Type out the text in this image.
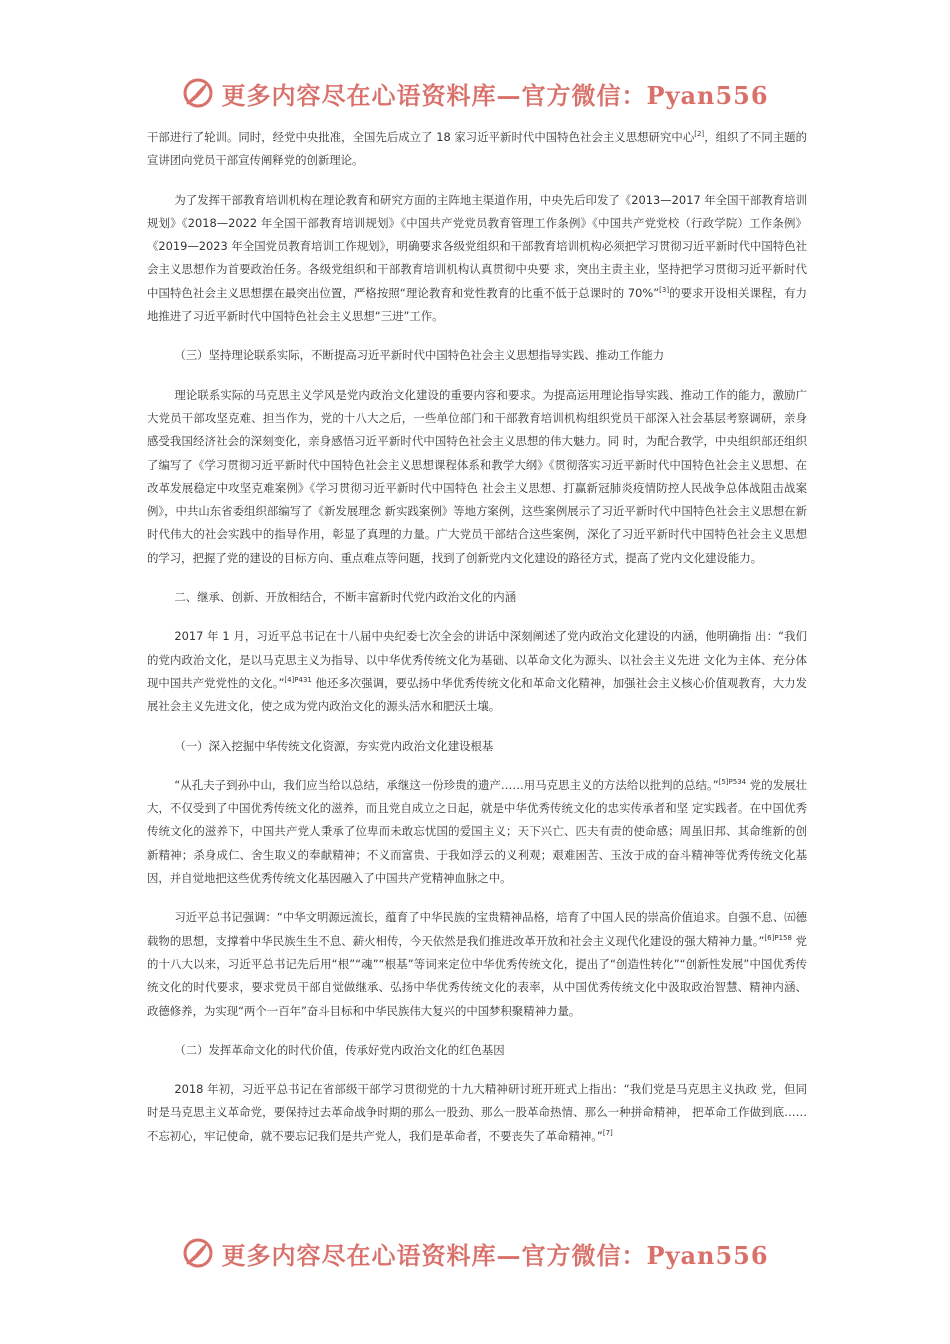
更多内容尽在心语资料库—官方微信：Pyan556

干部进行了轮训。同时，经党中央批准，全国先后成立了 18 家习近平新时代中国特色社会主义思想研究中心[2]，组织了不同主题的宣讲团向党员干部宣传阐释党的创新理论。

为了发挥干部教育培训机构在理论教育和研究方面的主阵地主渠道作用，中央先后印发了《2013—2017 年全国干部教育培训规划》《2018—2022 年全国干部教育培训规划》《中国共产党党员教育管理工作条例》《中国共产党党校（行政学院）工作条例》《2019—2023 年全国党员教育培训工作规划》，明确要求各级党组织和干部教育培训机构必须把学习贯彻习近平新时代中国特色社会主义思想作为首要政治任务。各级党组织和干部教育培训机构认真贯彻中央要 求，突出主责主业，坚持把学习贯彻习近平新时代中国特色社会主义思想摆在最突出位置，严格按照“理论教育和党性教育的比重不低于总课时的 70%”[3]的要求开设相关课程，有力地推进了习近平新时代中国特色社会主义思想“三进”工作。

（三）坚持理论联系实际，不断提高习近平新时代中国特色社会主义思想指导实践、推动工作能力

理论联系实际的马克思主义学风是党内政治文化建设的重要内容和要求。为提高运用理论指导实践、推动工作的能力，激励广大党员干部攻坚克难、担当作为，党的十八大之后，一些单位部门和干部教育培训机构组织党员干部深入社会基层考察调研，亲身感受我国经济社会的深刻变化，亲身感悟习近平新时代中国特色社会主义思想的伟大魅力。同 时，为配合教学，中央组织部还组织了编写了《学习贯彻习近平新时代中国特色社会主义思想课程体系和教学大纲》《贯彻落实习近平新时代中国特色社会主义思想、在改革发展稳定中攻坚克难案例》《学习贯彻习近平新时代中国特色 社会主义思想、打赢新冠肺炎疫情防控人民战争总体战阻击战案例》，中共山东省委组织部编写了《新发展理念 新实践案例》等地方案例，这些案例展示了习近平新时代中国特色社会主义思想在新时代伟大的社会实践中的指导作用，彰显了真理的力量。广大党员干部结合这些案例，深化了习近平新时代中国特色社会主义思想的学习，把握了党的建设的目标方向、重点难点等问题，找到了创新党内文化建设的路径方式，提高了党内文化建设能力。

二、继承、创新、开放相结合，不断丰富新时代党内政治文化的内涵

2017 年 1 月，习近平总书记在十八届中央纪委七次全会的讲话中深刻阐述了党内政治文化建设的内涵，他明确指 出：“我们的党内政治文化，是以马克思主义为指导、以中华优秀传统文化为基础、以革命文化为源头、以社会主义先进 文化为主体、充分体现中国共产党党性的文化。”$^{[4]P431}$ 他还多次强调，要弘扬中华优秀传统文化和革命文化精神，加强社会主义核心价值观教育，大力发展社会主义先进文化，使之成为党内政治文化的源头活水和肥沃土壤。

（一）深入挖掘中华传统文化资源，夯实党内政治文化建设根基

“从孔夫子到孙中山，我们应当给以总结，承继这一份珍贵的遗产……用马克思主义的方法给以批判的总结。”$^{[5]P534}$ 党的发展壮大，不仅受到了中国优秀传统文化的滋养，而且党自成立之日起，就是中华优秀传统文化的忠实传承者和坚 定实践者。在中国优秀传统文化的滋养下，中国共产党人秉承了位卑而未敢忘忧国的爱国主义；天下兴亡、匹夫有责的使命感；周虽旧邦、其命维新的创新精神；杀身成仁、舍生取义的奉献精神；不义而富贵、于我如浮云的义利观；艰难困苦、玉汝于成的奋斗精神等优秀传统文化基因，并自觉地把这些优秀传统文化基因融入了中国共产党精神血脉之中。

习近平总书记强调：“中华文明源远流长，蕴育了中华民族的宝贵精神品格，培育了中国人民的崇高价值追求。自强不息、㈤德载物的思想，支撑着中华民族生生不息、薪火相传，今天依然是我们推进改革开放和社会主义现代化建设的强大精神力量。”$^{[6]P158}$ 党的十八大以来，习近平总书记先后用“根”“魂”“根基”等词来定位中华优秀传统文化，提出了“创造性转化”“创新性发展”中国优秀传统文化的时代要求，要求党员干部自觉做继承、弘扬中华优秀传统文化的表率，从中国优秀传统文化中汲取政治智慧、精神内涵、政德修养，为实现“两个一百年”奋斗目标和中华民族伟大复兴的中国梦积聚精神力量。

（二）发挥革命文化的时代价值，传承好党内政治文化的红色基因

2018 年初，习近平总书记在省部级干部学习贯彻党的十九大精神研讨班开班式上指出：“我们党是马克思主义执政 党，但同时是马克思主义革命党，要保持过去革命战争时期的那么一股劲、那么一股革命热情、那么一种拼命精神， 把革命工作做到底……不忘初心，牢记使命，就不要忘记我们是共产党人，我们是革命者，不要丧失了革命精神。”[7]

更多内容尽在心语资料库—官方微信：Pyan556
